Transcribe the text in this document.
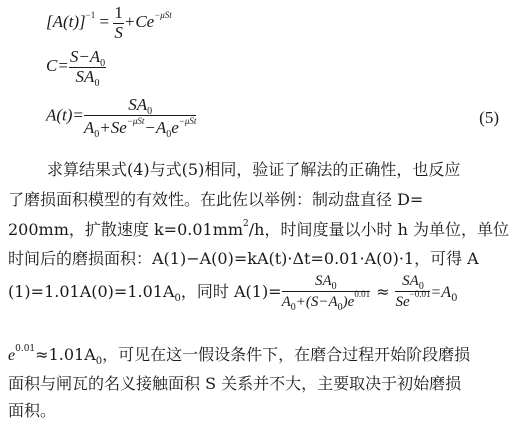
$[A(t)]^{-1} = \frac{1}{S} +Ce^{-\mu St}$
$C= \frac{S-A_0}{SA_0}$
$A(t)= \frac{SA_0}{A_0+Se^{-\mu St}-A_0e^{-\mu St}}$	(5)
求算结果式(4)与式(5)相同，验证了解法的正确性，也反应
了磨损面积模型的有效性。在此佐以举例：制动盘直径 D=
200mm，扩散速度 $k=0.01mm^2/h$，时间度量以小时 h 为单位，单位
时间后的磨损面积：A(1)−A(0)=kA(t)·Δt=0.01·A(0)·1，可得 A
$(1)=1.01A(0)=1.01A_0$，同时 $A(1)= \frac{SA_0}{A_0+(S-A_0)e^{0.01}} \approx \frac{SA_0}{Se^{-0.01}} =A_0$
$e^{0.01}\approx 1.01A_0$，可见在这一假设条件下，在磨合过程开始阶段磨损
面积与闸瓦的名义接触面积 S 关系并不大，主要取决于初始磨损
面积。
